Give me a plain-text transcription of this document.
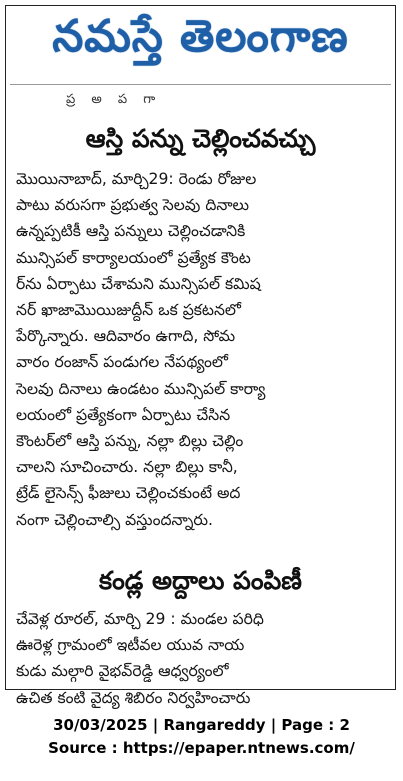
నమస్తే తెలంగాణ
ప్ర అ ప గా
ఆస్తి పన్ను చెల్లించవచ్చు
మొయినాబాద్, మార్చి29: రెండు రోజుల
పాటు వరుసగా ప్రభుత్వ సెలవు దినాలు
ఉన్నప్పటికీ ఆస్తి పన్నులు చెల్లించడానికి
మున్సిపల్ కార్యాలయంలో ప్రత్యేక కౌంట
ర్‌ను ఏర్పాటు చేశామని మున్సిపల్ కమిష
నర్ ఖాజామొయిజుద్దీన్ ఒక ప్రకటనలో
పేర్కొన్నారు. ఆదివారం ఉగాది, సోమ
వారం రంజాన్ పండుగల నేపథ్యంలో
సెలవు దినాలు ఉండటం మున్సిపల్ కార్యా
లయంలో ప్రత్యేకంగా ఏర్పాటు చేసిన
కౌంటర్‌లో ఆస్తి పన్ను, నల్లా బిల్లు చెల్లిం
చాలని సూచించారు. నల్లా బిల్లు కానీ,
ట్రేడ్ లైసెన్స్ ఫీజులు చెల్లించకుంటే అద
నంగా చెల్లించాల్సి వస్తుందన్నారు.
కండ్ల అద్దాలు పంపిణీ
చేవెళ్ల రూరల్, మార్చి 29 : మండల పరిధి
ఊరెళ్ల గ్రామంలో ఇటీవల యువ నాయ
కుడు మల్గారి వైభవ్‌రెడ్డి ఆధ్వర్యంలో
ఉచిత కంటి వైద్య శిబిరం నిర్వహించారు
30/03/2025 | Rangareddy | Page : 2
Source : https://epaper.ntnews.com/
